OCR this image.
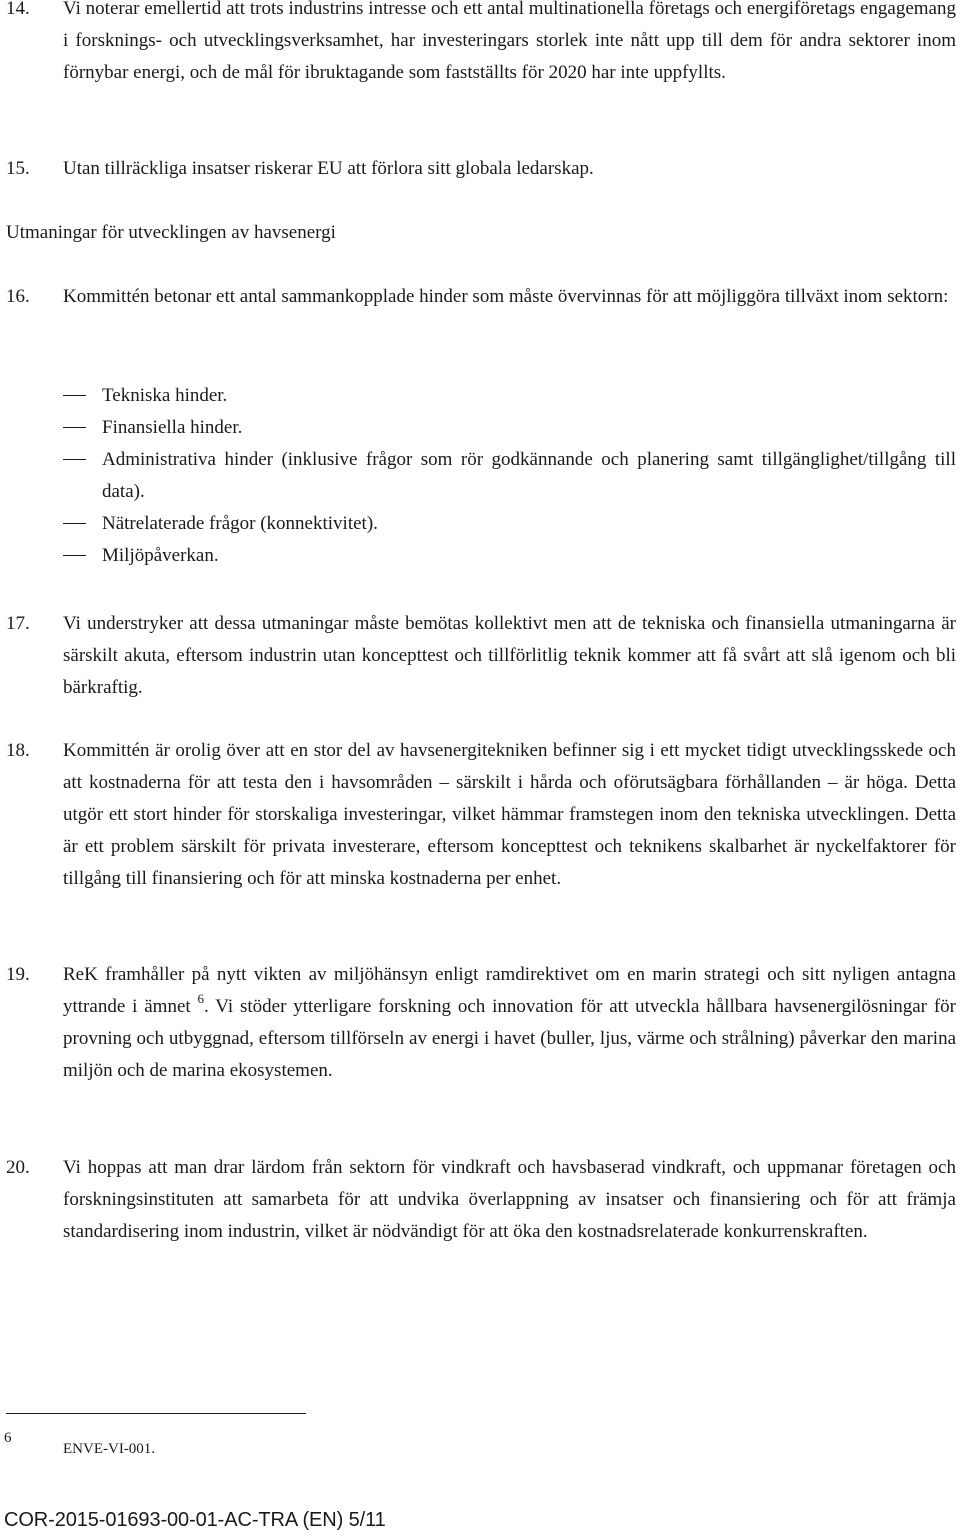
14. Vi noterar emellertid att trots industrins intresse och ett antal multinationella företags och energiföretags engagemang i forsknings- och utvecklingsverksamhet, har investeringars storlek inte nått upp till dem för andra sektorer inom förnybar energi, och de mål för ibruktagande som fastställts för 2020 har inte uppfyllts.
15. Utan tillräckliga insatser riskerar EU att förlora sitt globala ledarskap.
Utmaningar för utvecklingen av havsenergi
16. Kommittén betonar ett antal sammankopplade hinder som måste övervinnas för att möjliggöra tillväxt inom sektorn:
Tekniska hinder.
Finansiella hinder.
Administrativa hinder (inklusive frågor som rör godkännande och planering samt tillgänglighet/tillgång till data).
Nätrelaterade frågor (konnektivitet).
Miljöpåverkan.
17. Vi understryker att dessa utmaningar måste bemötas kollektivt men att de tekniska och finansiella utmaningarna är särskilt akuta, eftersom industrin utan koncepttest och tillförlitlig teknik kommer att få svårt att slå igenom och bli bärkraftig.
18. Kommittén är orolig över att en stor del av havsenergitekniken befinner sig i ett mycket tidigt utvecklingsskede och att kostnaderna för att testa den i havsområden – särskilt i hårda och oförutsägbara förhållanden – är höga. Detta utgör ett stort hinder för storskaliga investeringar, vilket hämmar framstegen inom den tekniska utvecklingen. Detta är ett problem särskilt för privata investerare, eftersom koncepttest och teknikens skalbarhet är nyckelfaktorer för tillgång till finansiering och för att minska kostnaderna per enhet.
19. ReK framhåller på nytt vikten av miljöhänsyn enligt ramdirektivet om en marin strategi och sitt nyligen antagna yttrande i ämnet $^6$. Vi stöder ytterligare forskning och innovation för att utveckla hållbara havsenergilösningar för provning och utbyggnad, eftersom tillförseln av energi i havet (buller, ljus, värme och strålning) påverkar den marina miljön och de marina ekosystemen.
20. Vi hoppas att man drar lärdom från sektorn för vindkraft och havsbaserad vindkraft, och uppmanar företagen och forskningsinstituten att samarbeta för att undvika överlappning av insatser och finansiering och för att främja standardisering inom industrin, vilket är nödvändigt för att öka den kostnadsrelaterade konkurrenskraften.
6
ENVE-VI-001.
COR-2015-01693-00-01-AC-TRA (EN) 5/11
